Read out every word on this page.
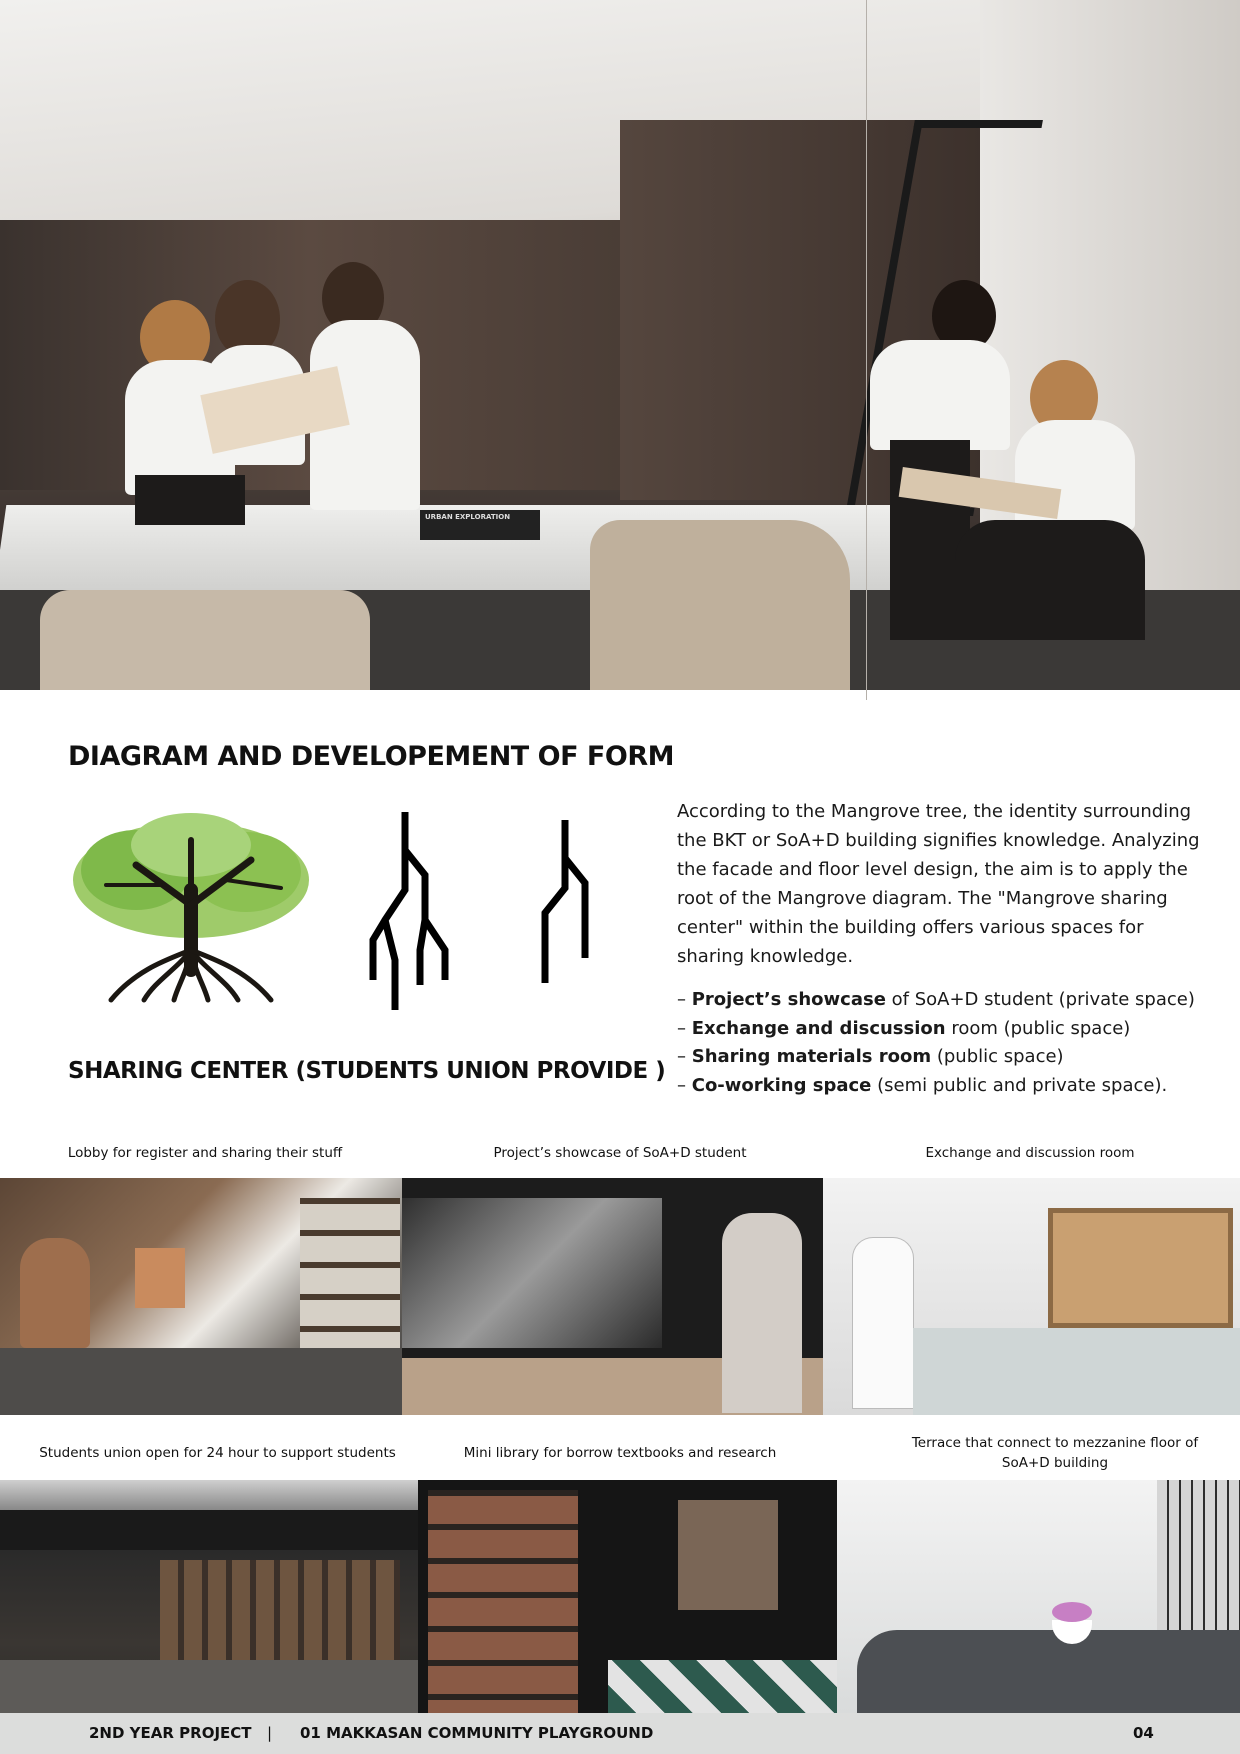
URBAN EXPLORATION
DIAGRAM AND DEVELOPEMENT OF FORM
According to the Mangrove tree, the identity surrounding the BKT or SoA+D building signifies knowledge. Analyzing the facade and floor level design, the aim is to apply the root of the Mangrove diagram. The "Mangrove sharing center" within the building offers various spaces for sharing knowledge.
– Project’s showcase of SoA+D student (private space)
– Exchange and discussion room (public space)
– Sharing materials room (public space)
– Co-working space (semi public and private space).
SHARING CENTER (STUDENTS UNION PROVIDE )
Lobby for register and sharing their stuff	Project’s showcase of SoA+D student	Exchange and discussion room
Students union open for 24 hour to support students	Mini library for borrow textbooks and research
Terrace that connect to mezzanine floor of SoA+D building
2ND YEAR PROJECT | 01 MAKKASAN COMMUNITY PLAYGROUND	04
